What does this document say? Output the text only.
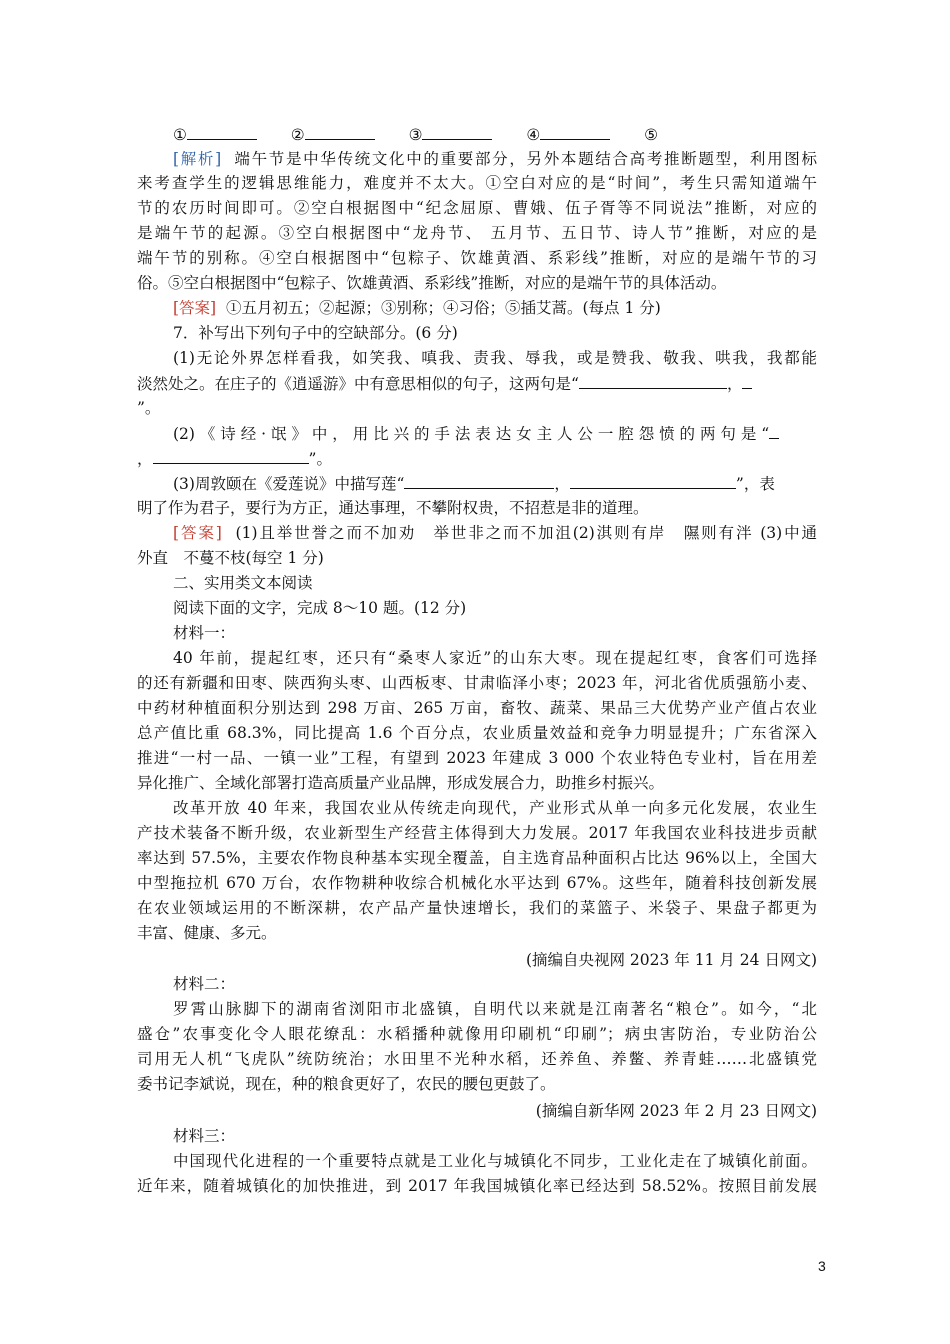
①	②	③	④	⑤
[解析] 端午节是中华传统文化中的重要部分，另外本题结合高考推断题型，利用图标
来考查学生的逻辑思维能力，难度并不太大。①空白对应的是“时间”，考生只需知道端午
节的农历时间即可。②空白根据图中“纪念屈原、曹娥、伍子胥等不同说法”推断，对应的
是端午节的起源。③空白根据图中“龙舟节、 五月节、五日节、诗人节”推断，对应的是
端午节的别称。④空白根据图中“包粽子、饮雄黄酒、系彩线”推断，对应的是端午节的习
俗。⑤空白根据图中“包粽子、饮雄黄酒、系彩线”推断，对应的是端午节的具体活动。
[答案] ①五月初五；②起源；③别称；④习俗；⑤插艾蒿。(每点 1 分)
7．补写出下列句子中的空缺部分。(6 分)
(1)无论外界怎样看我，如笑我、嗔我、责我、辱我，或是赞我、敬我、哄我，我都能
淡然处之。在庄子的《逍遥游》中有意思相似的句子，这两句是“	，
”。
(2) 《 诗 经 · 氓 》 中 ， 用 比 兴 的 手 法 表 达 女 主 人 公 一 腔 怨 愤 的 两 句 是 “
，	”。
(3)周敦颐在《爱莲说》中描写莲“	，	”，表
明了作为君子，要行为方正，通达事理，不攀附权贵，不招惹是非的道理。
[答案] (1)且举世誉之而不加劝　举世非之而不加沮(2)淇则有岸　隰则有泮 (3)中通
外直　不蔓不枝(每空 1 分)
二、实用类文本阅读
阅读下面的文字，完成 8～10 题。(12 分)
材料一：
40 年前，提起红枣，还只有“桑枣人家近”的山东大枣。现在提起红枣，食客们可选择
的还有新疆和田枣、陕西狗头枣、山西板枣、甘肃临泽小枣；2023 年，河北省优质强筋小麦、
中药材种植面积分别达到 298 万亩、265 万亩，畜牧、蔬菜、果品三大优势产业产值占农业
总产值比重 68.3%，同比提高 1.6 个百分点，农业质量效益和竞争力明显提升；广东省深入
推进“一村一品、一镇一业”工程，有望到 2023 年建成 3 000 个农业特色专业村，旨在用差
异化推广、全域化部署打造高质量产业品牌，形成发展合力，助推乡村振兴。
改革开放 40 年来，我国农业从传统走向现代，产业形式从单一向多元化发展，农业生
产技术装备不断升级，农业新型生产经营主体得到大力发展。2017 年我国农业科技进步贡献
率达到 57.5%，主要农作物良种基本实现全覆盖，自主选育品种面积占比达 96%以上，全国大
中型拖拉机 670 万台，农作物耕种收综合机械化水平达到 67%。这些年，随着科技创新发展
在农业领域运用的不断深耕，农产品产量快速增长，我们的菜篮子、米袋子、果盘子都更为
丰富、健康、多元。
(摘编自央视网 2023 年 11 月 24 日网文)
材料二：
罗霄山脉脚下的湖南省浏阳市北盛镇，自明代以来就是江南著名“粮仓”。如今，“北
盛仓”农事变化令人眼花缭乱：水稻播种就像用印刷机“印刷”；病虫害防治，专业防治公
司用无人机“飞虎队”统防统治；水田里不光种水稻，还养鱼、养鳖、养青蛙……北盛镇党
委书记李斌说，现在，种的粮食更好了，农民的腰包更鼓了。
(摘编自新华网 2023 年 2 月 23 日网文)
材料三：
中国现代化进程的一个重要特点就是工业化与城镇化不同步，工业化走在了城镇化前面。
近年来，随着城镇化的加快推进，到 2017 年我国城镇化率已经达到 58.52%。按照目前发展
3
